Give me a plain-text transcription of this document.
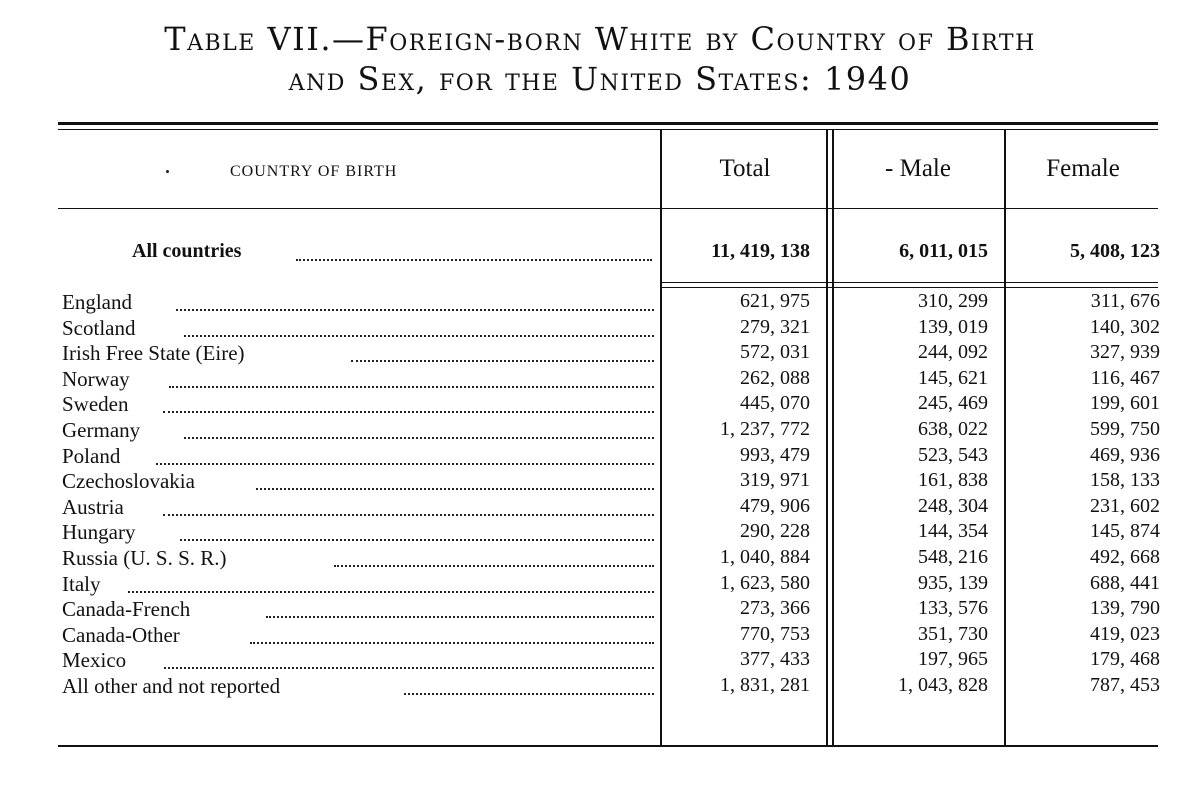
Table VII.—Foreign-born White by Country of Birth
and Sex, for the United States: 1940
COUNTRY OF BIRTH	Total	- Male	Female
All countries	11, 419, 138	6, 011, 015	5, 408, 123
England	621, 975	310, 299	311, 676
Scotland	279, 321	139, 019	140, 302
Irish Free State (Eire)	572, 031	244, 092	327, 939
Norway	262, 088	145, 621	116, 467
Sweden	445, 070	245, 469	199, 601
Germany	1, 237, 772	638, 022	599, 750
Poland	993, 479	523, 543	469, 936
Czechoslovakia	319, 971	161, 838	158, 133
Austria	479, 906	248, 304	231, 602
Hungary	290, 228	144, 354	145, 874
Russia (U. S. S. R.)	1, 040, 884	548, 216	492, 668
Italy	1, 623, 580	935, 139	688, 441
Canada-French	273, 366	133, 576	139, 790
Canada-Other	770, 753	351, 730	419, 023
Mexico	377, 433	197, 965	179, 468
All other and not reported	1, 831, 281	1, 043, 828	787, 453
